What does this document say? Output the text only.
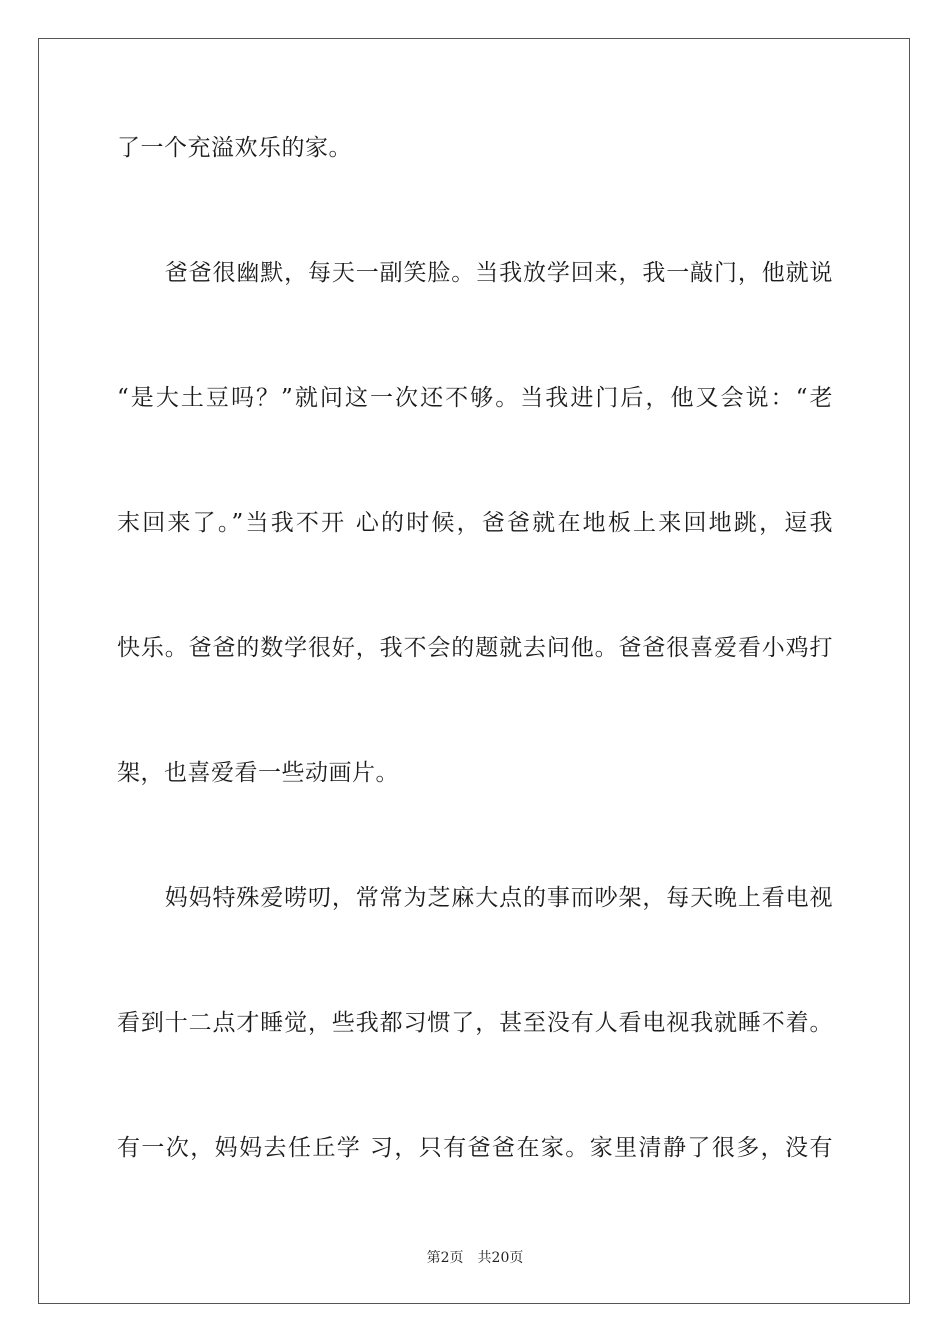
了一个充溢欢乐的家。
　　爸爸很幽默，每天一副笑脸。当我放学回来，我一敲门，他就说
“是大土豆吗？”就问这一次还不够。当我进门后，他又会说：“老
末回来了。”当我不开 心的时候，爸爸就在地板上来回地跳，逗我
快乐。爸爸的数学很好，我不会的题就去问他。爸爸很喜爱看小鸡打
架，也喜爱看一些动画片。
　　妈妈特殊爱唠叨，常常为芝麻大点的事而吵架，每天晚上看电视
看到十二点才睡觉，些我都习惯了，甚至没有人看电视我就睡不着。
有一次，妈妈去任丘学 习，只有爸爸在家。家里清静了很多，没有
第2页　共20页
